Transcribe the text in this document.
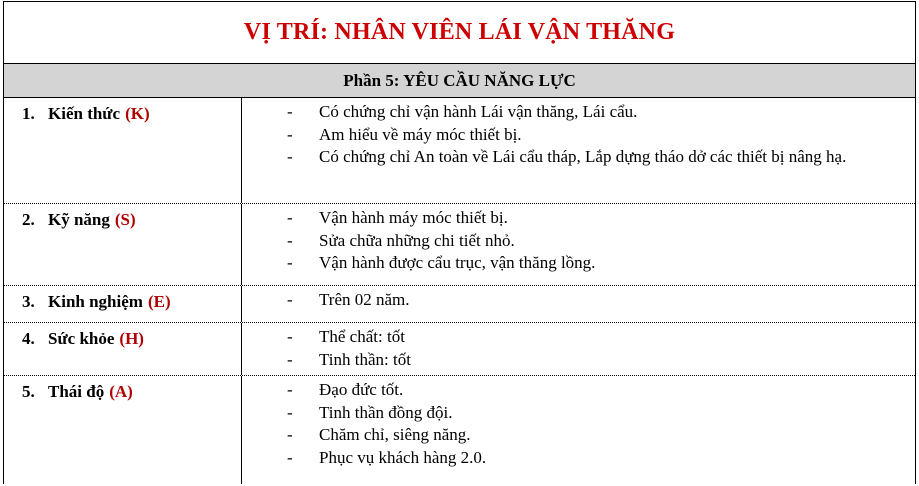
VỊ TRÍ: NHÂN VIÊN LÁI VẬN THĂNG
Phần 5: YÊU CẦU NĂNG LỰC
1. Kiến thức (K)	- Có chứng chỉ vận hành Lái vận thăng, Lái cẩu.
- Am hiểu về máy móc thiết bị.
- Có chứng chỉ An toàn về Lái cẩu tháp, Lắp dựng tháo dở các thiết bị nâng hạ.
2. Kỹ năng (S)	- Vận hành máy móc thiết bị.
- Sửa chữa những chi tiết nhỏ.
- Vận hành được cẩu trục, vận thăng lồng.
3. Kinh nghiệm (E)	- Trên 02 năm.
4. Sức khỏe (H)	- Thể chất: tốt
- Tinh thần: tốt
5. Thái độ (A)	- Đạo đức tốt.
- Tinh thần đồng đội.
- Chăm chỉ, siêng năng.
- Phục vụ khách hàng 2.0.
